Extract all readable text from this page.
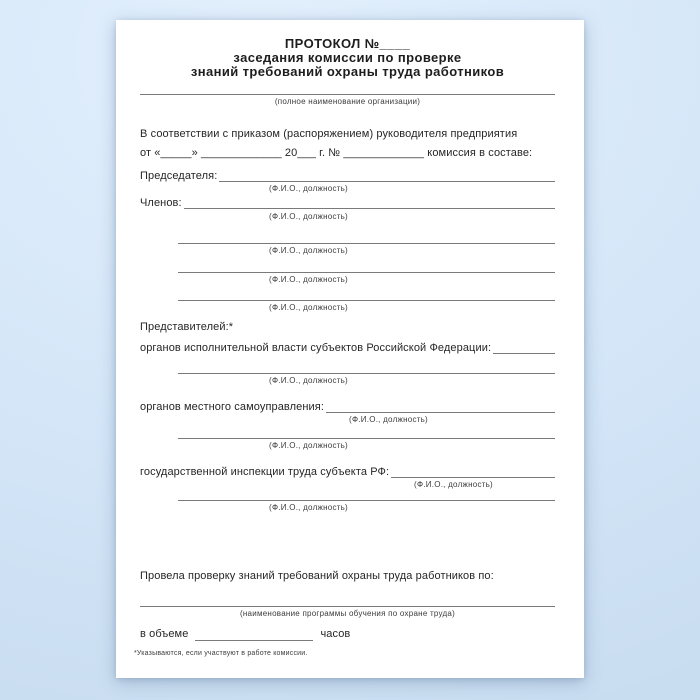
ПРОТОКОЛ №____
заседания комиссии по проверке
знаний требований охраны труда работников
(полное наименование организации)
В соответствии с приказом (распоряжением) руководителя предприятия
от «_____» _____________ 20___ г. № _____________ комиссия в составе:
Председателя:
(Ф.И.О., должность)
Членов:
(Ф.И.О., должность)
(Ф.И.О., должность)
(Ф.И.О., должность)
(Ф.И.О., должность)
Представителей:*
органов исполнительной власти субъектов Российской Федерации:
(Ф.И.О., должность)
органов местного самоуправления:
(Ф.И.О., должность)
(Ф.И.О., должность)
государственной инспекции труда субъекта РФ:
(Ф.И.О., должность)
(Ф.И.О., должность)
Провела проверку знаний требований охраны труда работников по:
(наименование программы обучения по охране труда)
в объеме	часов
*Указываются, если участвуют в работе комиссии.
